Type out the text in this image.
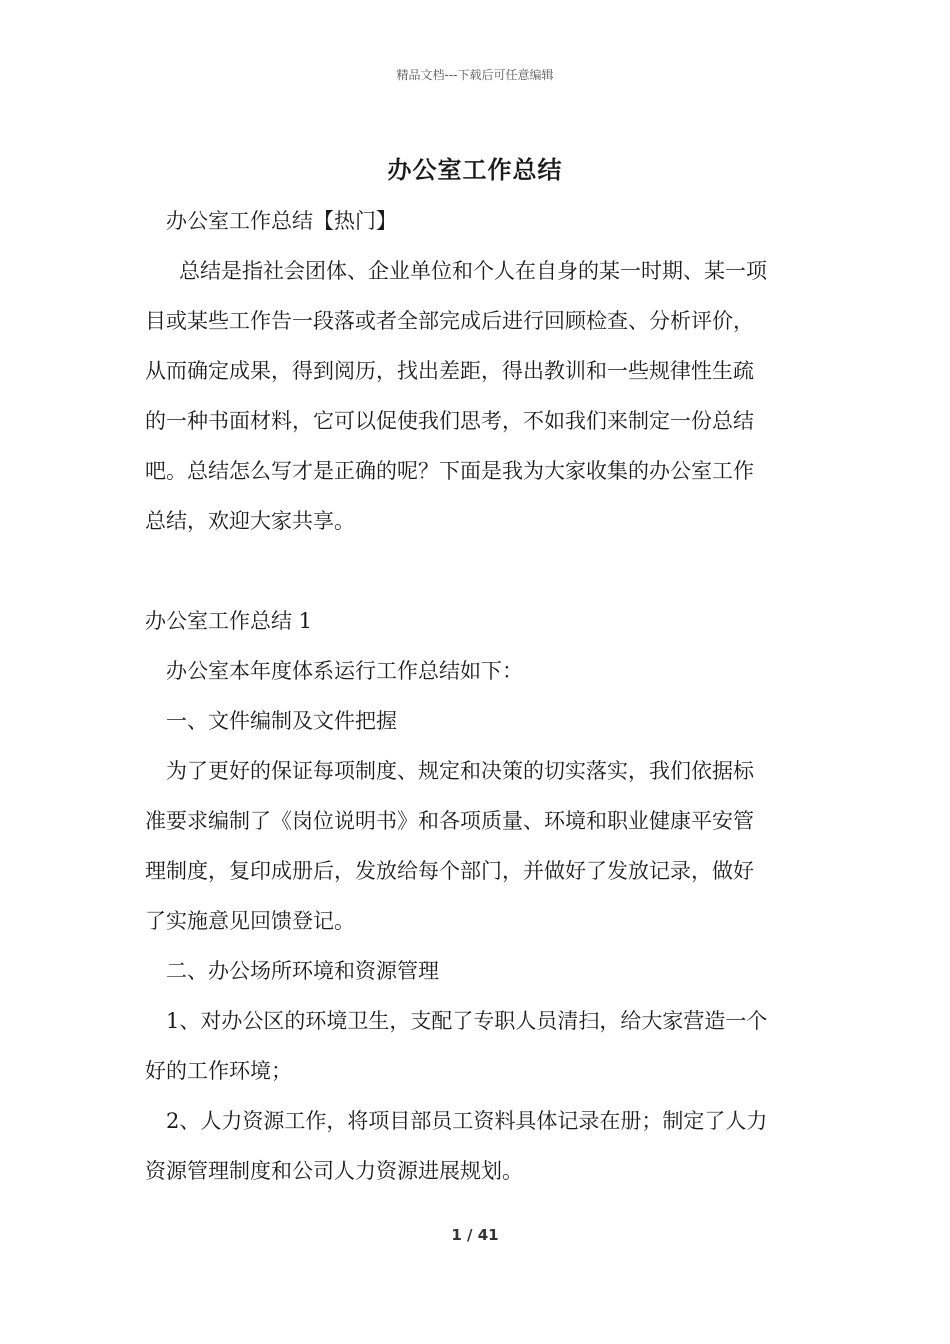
精品文档---下载后可任意编辑
办公室工作总结
办公室工作总结【热门】
总结是指社会团体、企业单位和个人在自身的某一时期、某一项
目或某些工作告一段落或者全部完成后进行回顾检查、分析评价，
从而确定成果，得到阅历，找出差距，得出教训和一些规律性生疏
的一种书面材料，它可以促使我们思考，不如我们来制定一份总结
吧。总结怎么写才是正确的呢？下面是我为大家收集的办公室工作
总结，欢迎大家共享。
办公室工作总结 1
办公室本年度体系运行工作总结如下：
一、文件编制及文件把握
为了更好的保证每项制度、规定和决策的切实落实，我们依据标
准要求编制了《岗位说明书》和各项质量、环境和职业健康平安管
理制度，复印成册后，发放给每个部门，并做好了发放记录，做好
了实施意见回馈登记。
二、办公场所环境和资源管理
1、对办公区的环境卫生，支配了专职人员清扫，给大家营造一个
好的工作环境；
2、人力资源工作，将项目部员工资料具体记录在册；制定了人力
资源管理制度和公司人力资源进展规划。
1 / 41
